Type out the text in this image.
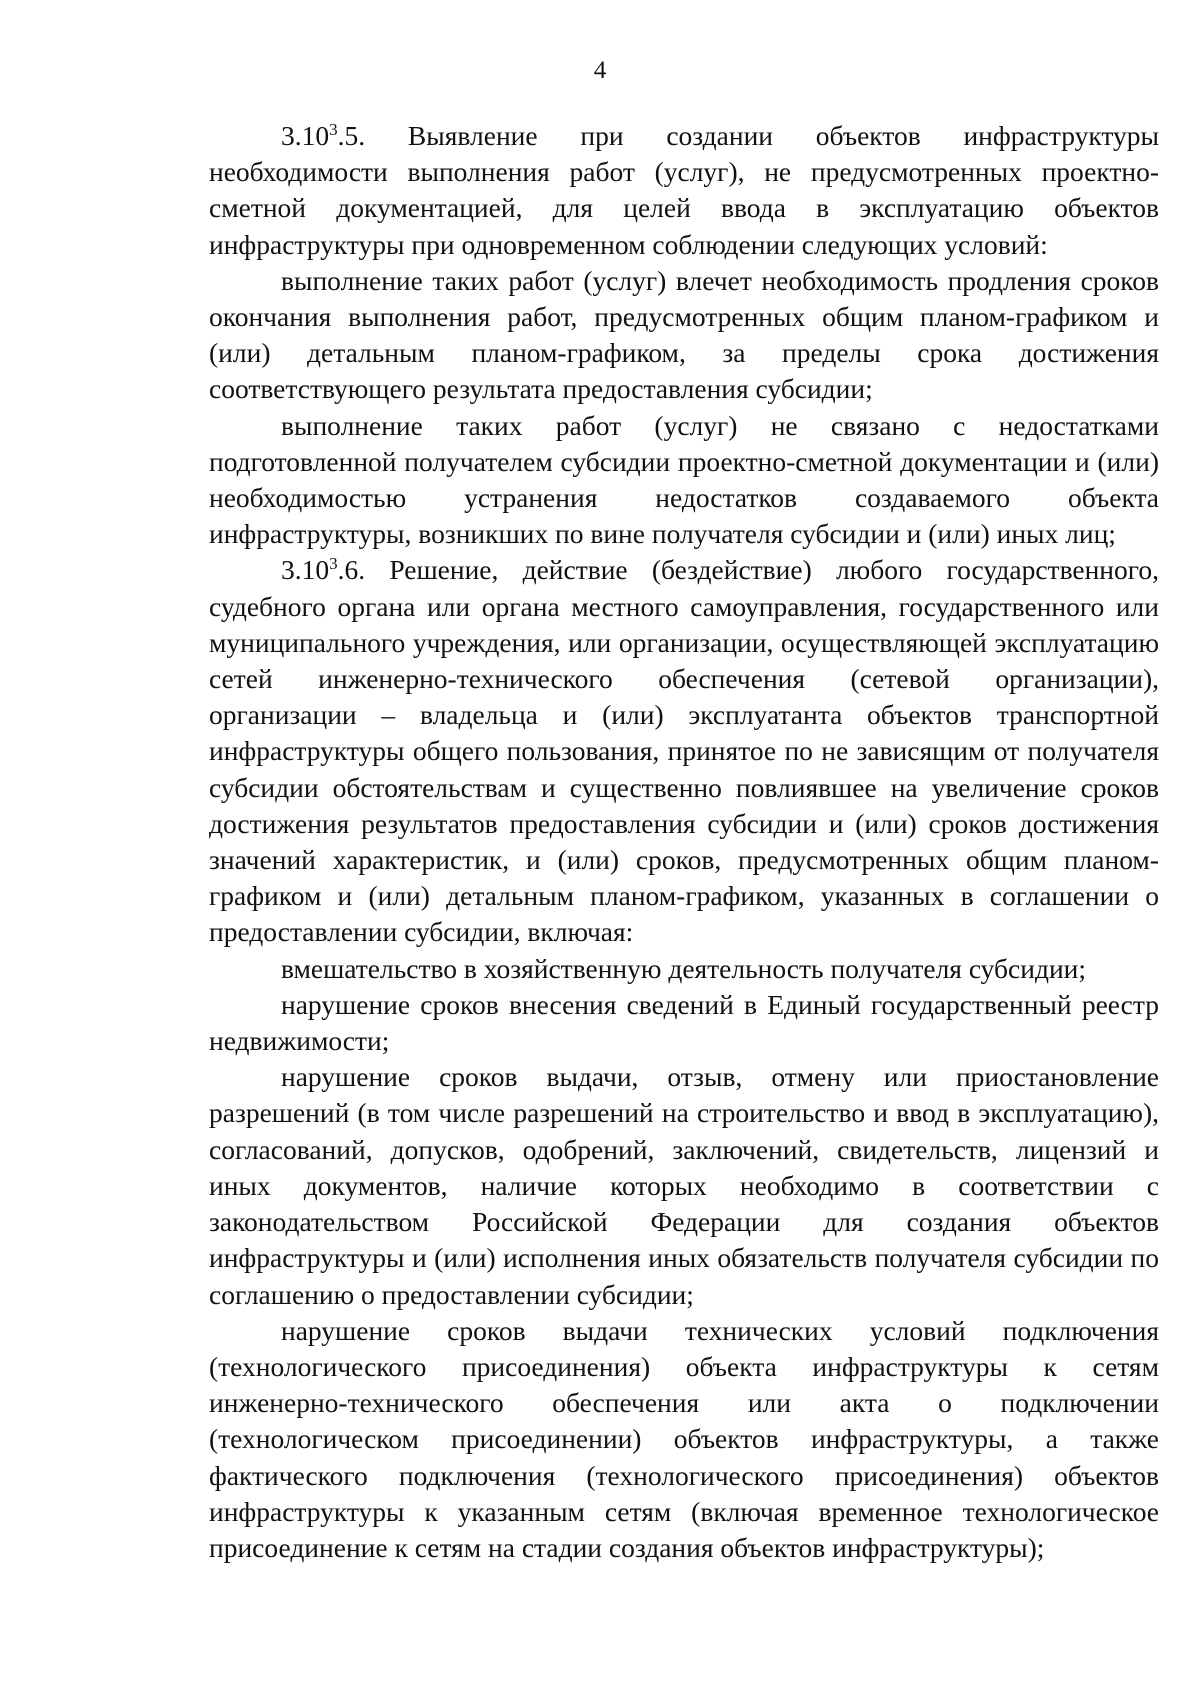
4

3.10$^3$.5. Выявление при создании объектов инфраструктуры необходимости выполнения работ (услуг), не предусмотренных проектно-сметной документацией, для целей ввода в эксплуатацию объектов инфраструктуры при одновременном соблюдении следующих условий:

выполнение таких работ (услуг) влечет необходимость продления сроков окончания выполнения работ, предусмотренных общим планом-графиком и (или) детальным планом-графиком, за пределы срока достижения соответствующего результата предоставления субсидии;

выполнение таких работ (услуг) не связано с недостатками подготовленной получателем субсидии проектно-сметной документации и (или) необходимостью устранения недостатков создаваемого объекта инфраструктуры, возникших по вине получателя субсидии и (или) иных лиц;

3.10$^3$.6. Решение, действие (бездействие) любого государственного, судебного органа или органа местного самоуправления, государственного или муниципального учреждения, или организации, осуществляющей эксплуатацию сетей инженерно-технического обеспечения (сетевой организации), организации – владельца и (или) эксплуатанта объектов транспортной инфраструктуры общего пользования, принятое по не зависящим от получателя субсидии обстоятельствам и существенно повлиявшее на увеличение сроков достижения результатов предоставления субсидии и (или) сроков достижения значений характеристик, и (или) сроков, предусмотренных общим планом-графиком и (или) детальным планом-графиком, указанных в соглашении о предоставлении субсидии, включая:

вмешательство в хозяйственную деятельность получателя субсидии;

нарушение сроков внесения сведений в Единый государственный реестр недвижимости;

нарушение сроков выдачи, отзыв, отмену или приостановление разрешений (в том числе разрешений на строительство и ввод в эксплуатацию), согласований, допусков, одобрений, заключений, свидетельств, лицензий и иных документов, наличие которых необходимо в соответствии с законодательством Российской Федерации для создания объектов инфраструктуры и (или) исполнения иных обязательств получателя субсидии по соглашению о предоставлении субсидии;

нарушение сроков выдачи технических условий подключения (технологического присоединения) объекта инфраструктуры к сетям инженерно-технического обеспечения или акта о подключении (технологическом присоединении) объектов инфраструктуры, а также фактического подключения (технологического присоединения) объектов инфраструктуры к указанным сетям (включая временное технологическое присоединение к сетям на стадии создания объектов инфраструктуры);
